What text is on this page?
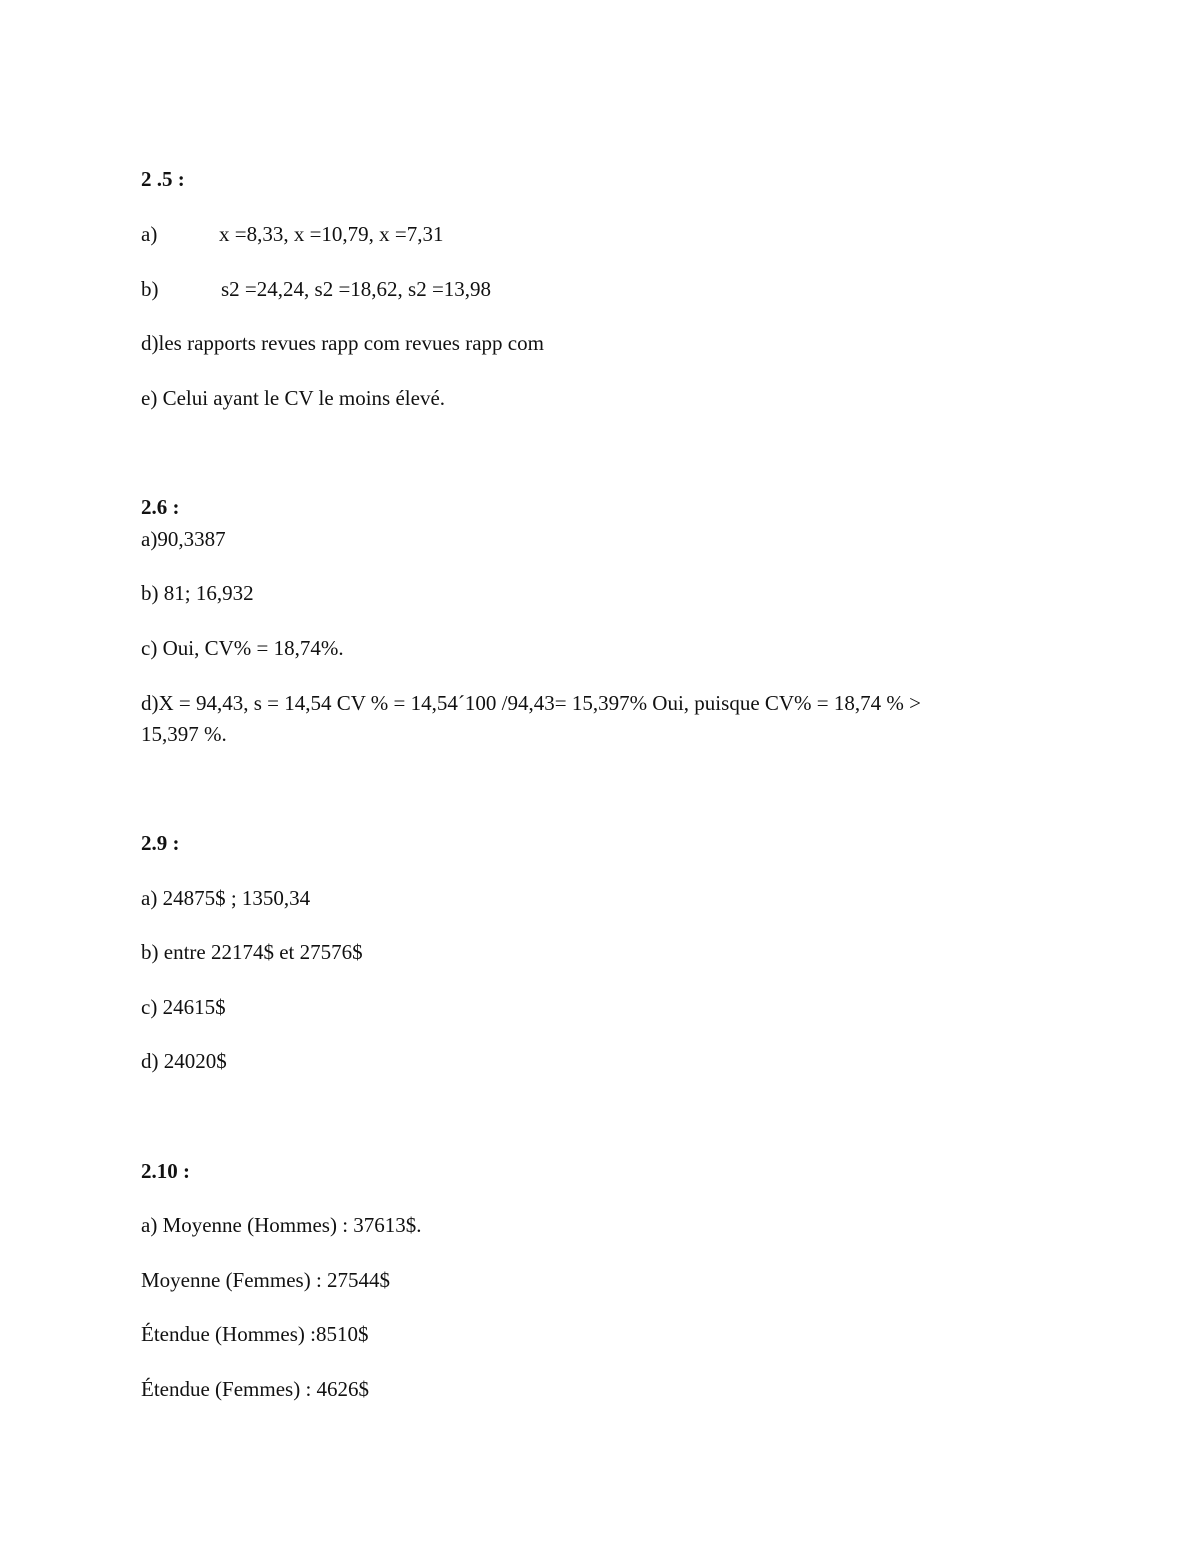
2 .5 :
a)	x =8,33, x =10,79, x =7,31
b)	s2 =24,24, s2 =18,62, s2 =13,98
d)les rapports revues rapp com revues rapp com
e) Celui ayant le CV le moins élevé.
2.6 :
a)90,3387
b) 81; 16,932
c) Oui, CV% = 18,74%.
d)X = 94,43, s = 14,54 CV % = 14,54´100 /94,43= 15,397% Oui, puisque CV% = 18,74 % >
15,397 %.
2.9 :
a) 24875$ ; 1350,34
b) entre 22174$ et 27576$
c) 24615$
d) 24020$
2.10 :
a) Moyenne (Hommes) : 37613$.
Moyenne (Femmes) : 27544$
Étendue (Hommes) :8510$
Étendue (Femmes) : 4626$
